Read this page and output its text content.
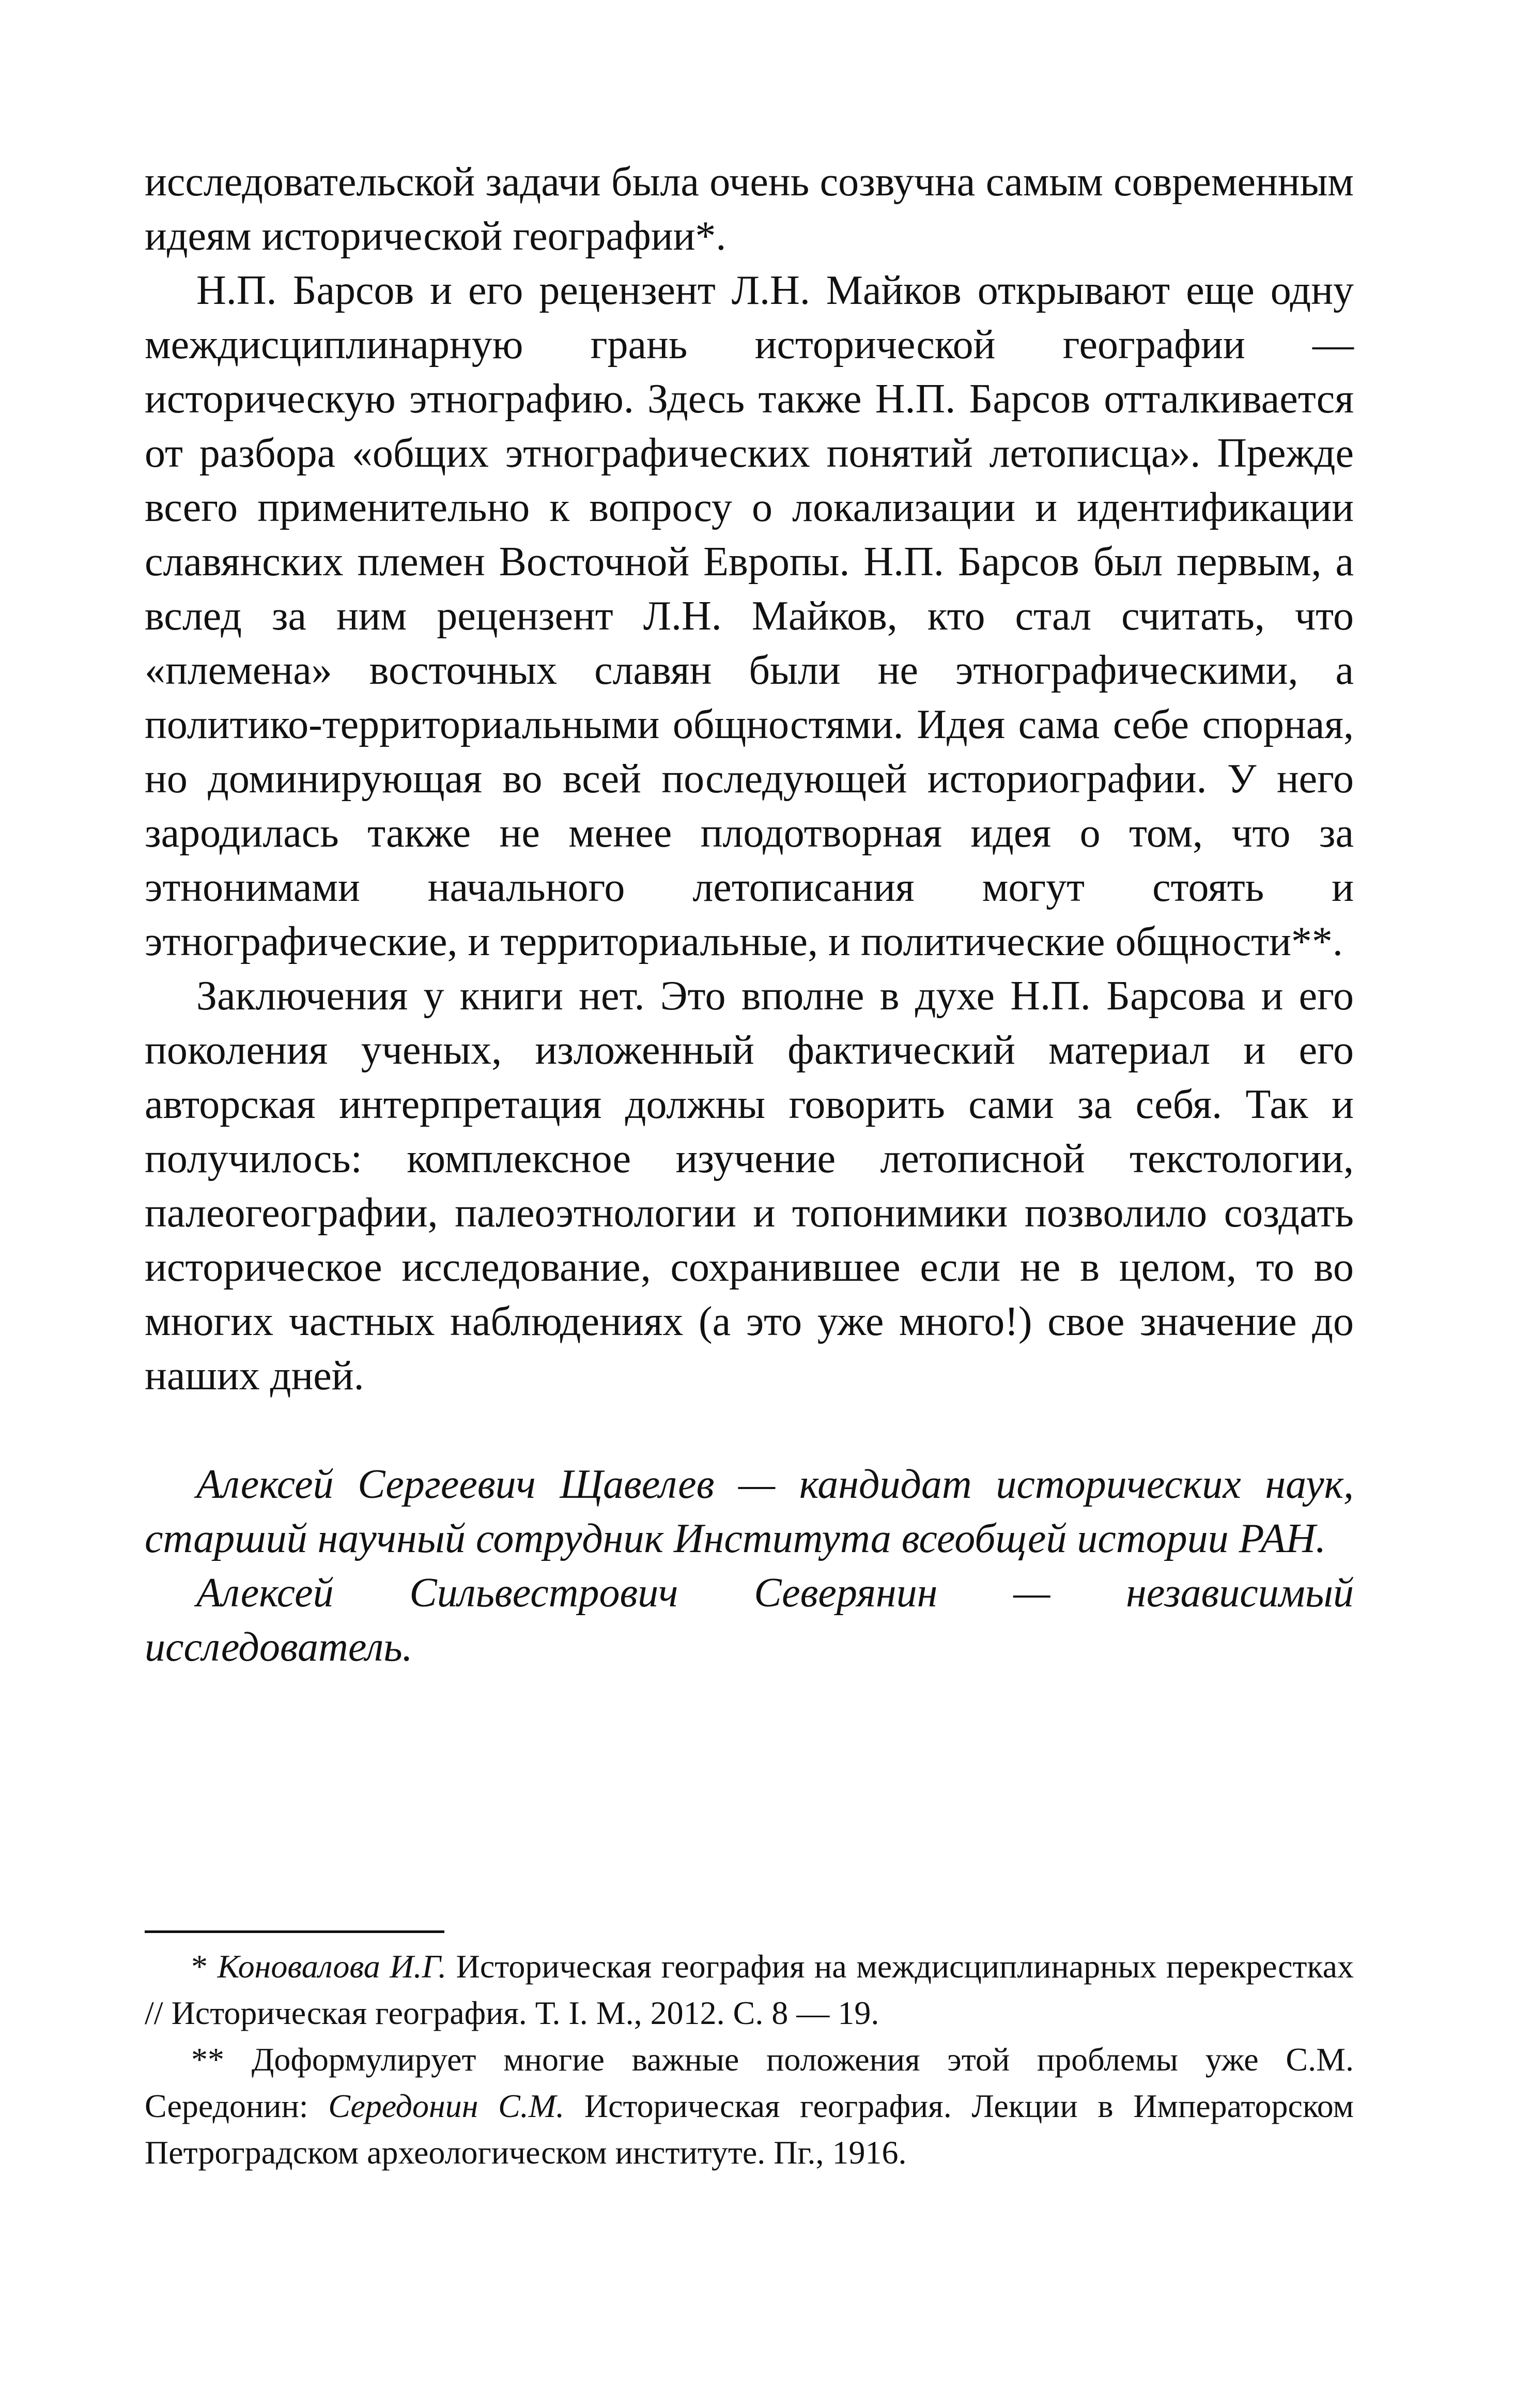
исследовательской задачи была очень созвучна самым современным идеям исторической географии*.

Н.П. Барсов и его рецензент Л.Н. Майков открывают еще одну междисциплинарную грань исторической географии — историческую этнографию. Здесь также Н.П. Барсов отталкивается от разбора «общих этнографических понятий летописца». Прежде всего применительно к вопросу о локализации и идентификации славянских племен Восточной Европы. Н.П. Барсов был первым, а вслед за ним рецензент Л.Н. Майков, кто стал считать, что «племена» восточных славян были не этнографическими, а политико-территориальными общностями. Идея сама себе спорная, но доминирующая во всей последующей историографии. У него зародилась также не менее плодотворная идея о том, что за этнонимами начального летописания могут стоять и этнографические, и территориальные, и политические общности**.

Заключения у книги нет. Это вполне в духе Н.П. Барсова и его поколения ученых, изложенный фактический материал и его авторская интерпретация должны говорить сами за себя. Так и получилось: комплексное изучение летописной текстологии, палеогеографии, палеоэтнологии и топонимики позволило создать историческое исследование, сохранившее если не в целом, то во многих частных наблюдениях (а это уже много!) свое значение до наших дней.

Алексей Сергеевич Щавелев — кандидат исторических наук, старший научный сотрудник Института всеобщей истории РАН.

Алексей Сильвестрович Северянин — независимый исследователь.

* Коновалова И.Г. Историческая география на междисциплинарных перекрестках // Историческая география. Т. I. М., 2012. С. 8 — 19.

** Доформулирует многие важные положения этой проблемы уже С.М. Середонин: Середонин С.М. Историческая география. Лекции в Императорском Петроградском археологическом институте. Пг., 1916.
